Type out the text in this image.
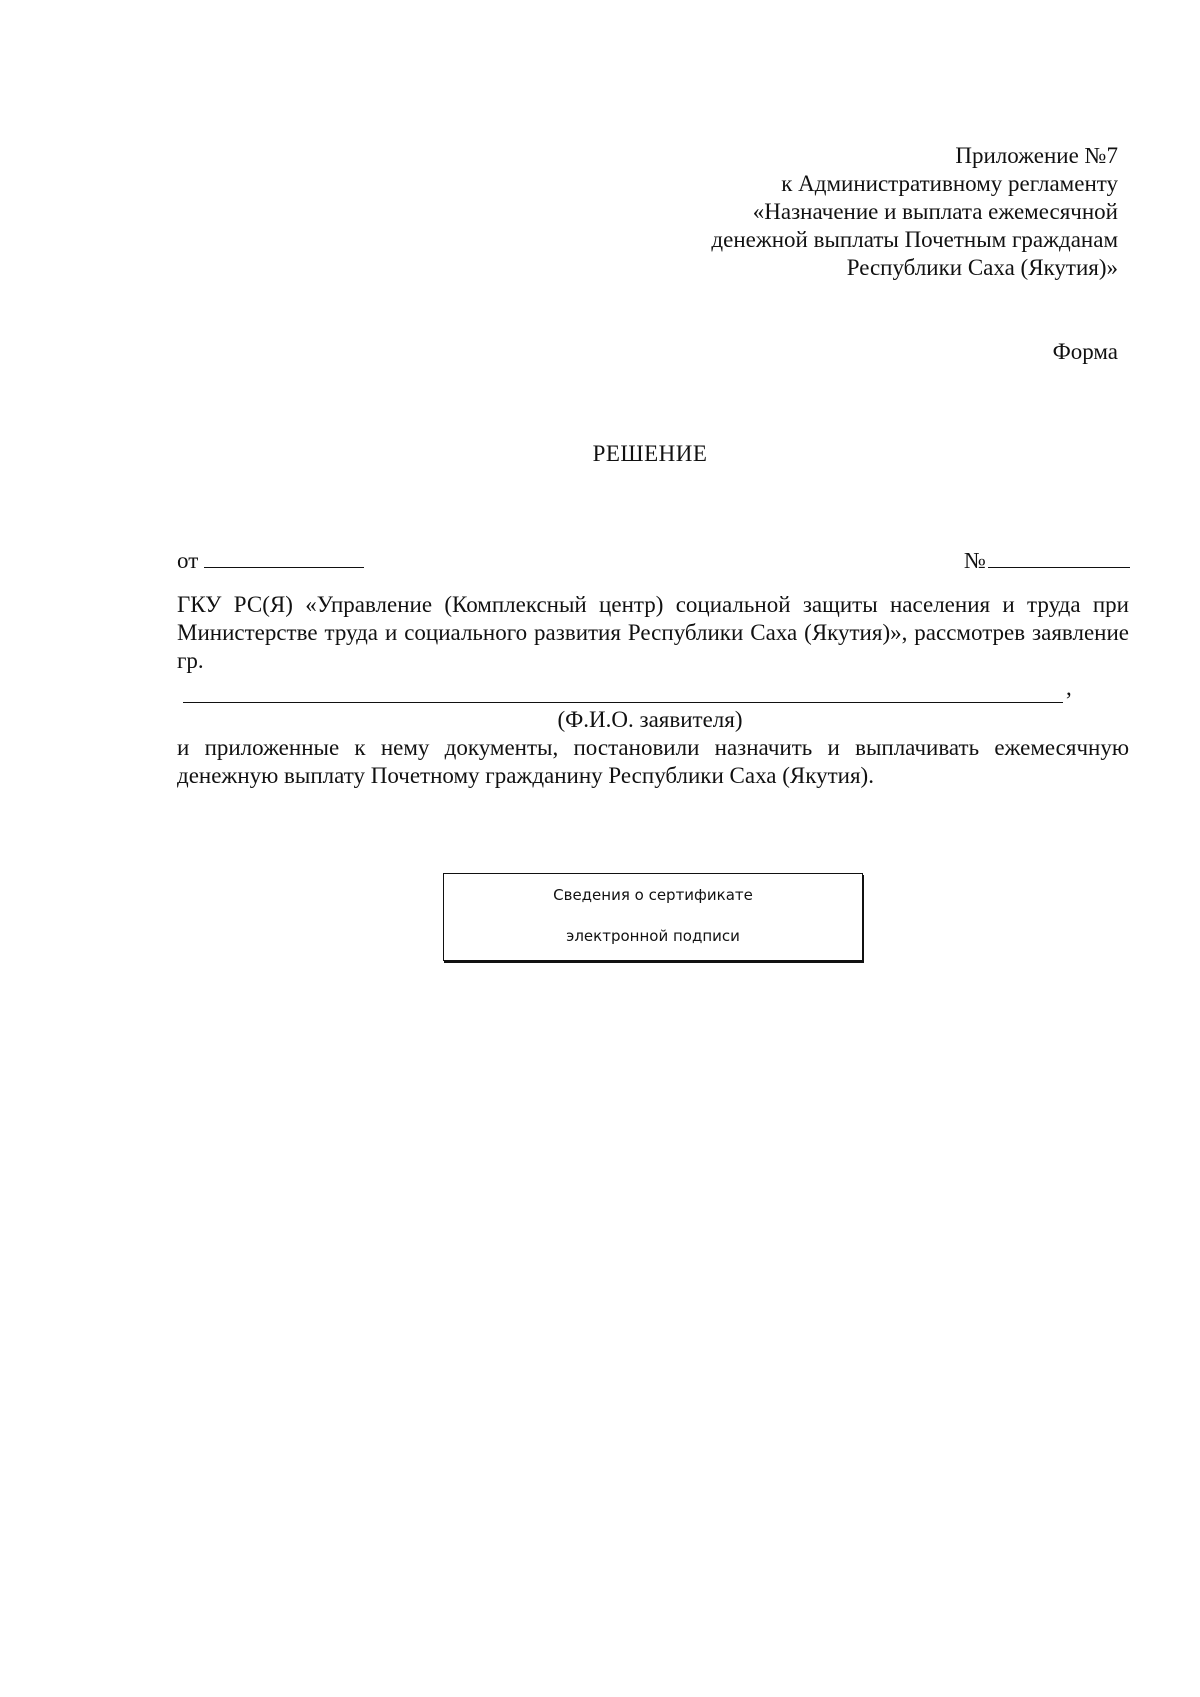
Приложение №7
к Административному регламенту
«Назначение и выплата ежемесячной
денежной выплаты Почетным гражданам
Республики Саха (Якутия)»
Форма
РЕШЕНИЕ
от	№
ГКУ РС(Я) «Управление (Комплексный центр) социальной защиты населения и труда при Министерстве труда и социального развития Республики Саха (Якутия)», рассмотрев заявление гр.
,
(Ф.И.О. заявителя)
и приложенные к нему документы, постановили назначить и выплачивать ежемесячную денежную выплату Почетному гражданину Республики Саха (Якутия).
Сведения о сертификате
электронной подписи
